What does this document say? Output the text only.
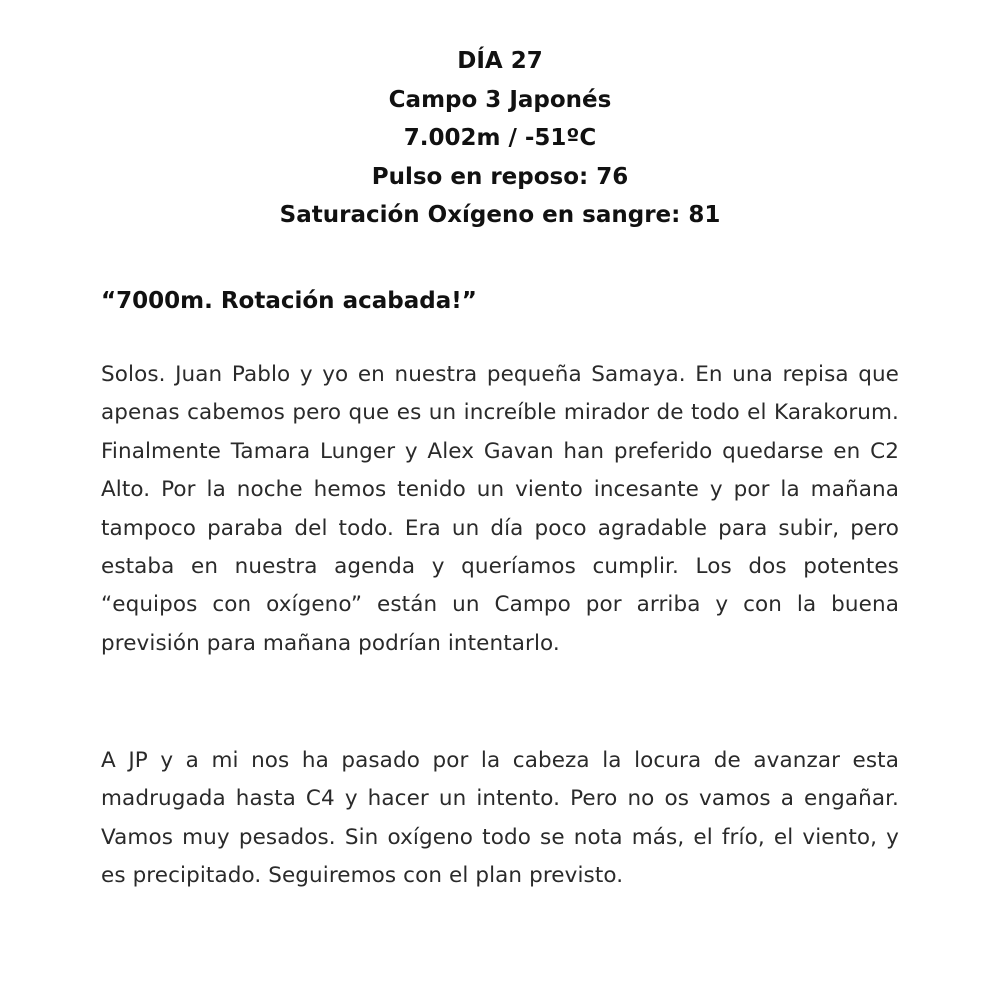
DÍA 27
Campo 3 Japonés
7.002m / -51ºC
Pulso en reposo: 76
Saturación Oxígeno en sangre: 81
“7000m. Rotación acabada!”

Solos. Juan Pablo y yo en nuestra pequeña Samaya. En una repisa que apenas cabemos pero que es un increíble mirador de todo el Karakorum. Finalmente Tamara Lunger y Alex Gavan han preferido quedarse en C2 Alto. Por la noche hemos tenido un viento incesante y por la mañana tampoco paraba del todo. Era un día poco agradable para subir, pero estaba en nuestra agenda y queríamos cumplir. Los dos potentes “equipos con oxígeno” están un Campo por arriba y con la buena previsión para mañana podrían intentarlo.

A JP y a mi nos ha pasado por la cabeza la locura de avanzar esta madrugada hasta C4 y hacer un intento. Pero no os vamos a engañar. Vamos muy pesados. Sin oxígeno todo se nota más, el frío, el viento, y es precipitado. Seguiremos con el plan previsto.
